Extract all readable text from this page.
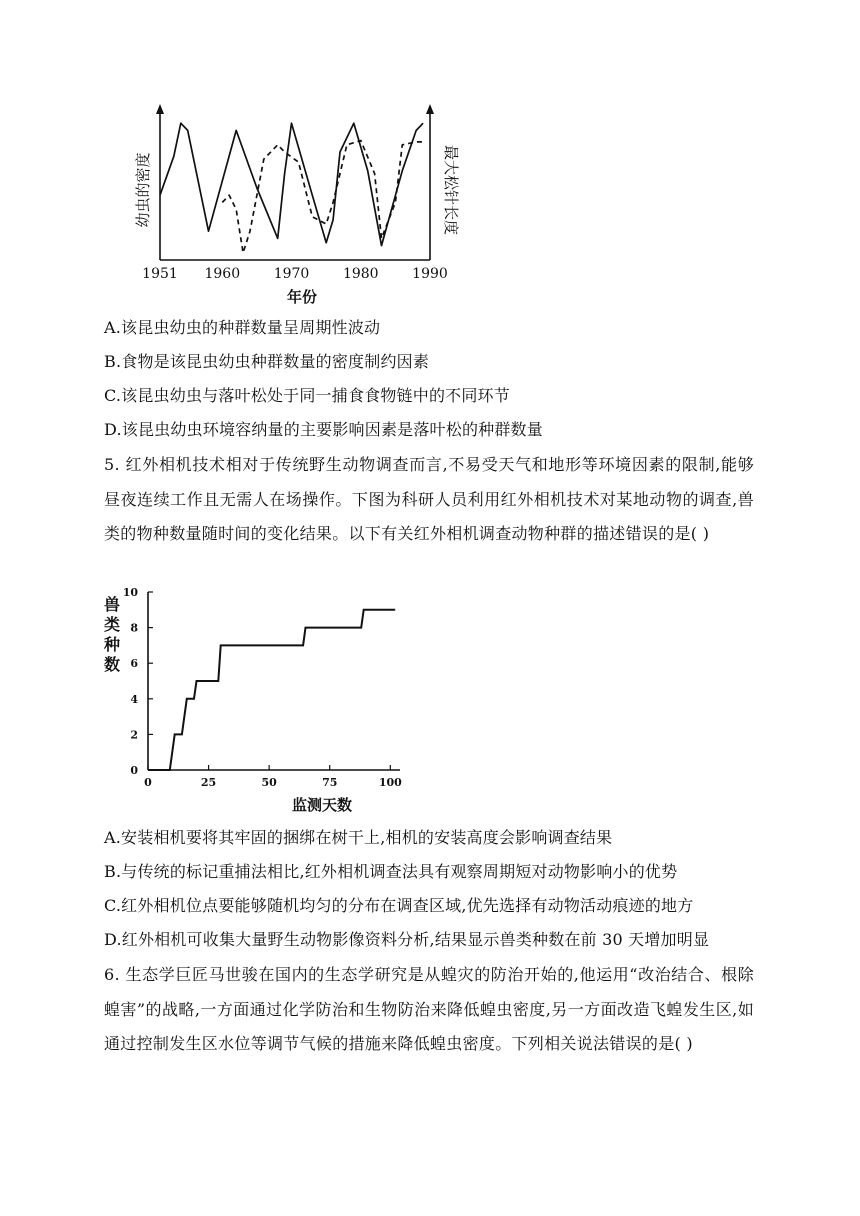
幼虫的密度	最大松针长度
1951 1960 1970 1980 1990
年份
A.该昆虫幼虫的种群数量呈周期性波动
B.食物是该昆虫幼虫种群数量的密度制约因素
C.该昆虫幼虫与落叶松处于同一捕食食物链中的不同环节
D.该昆虫幼虫环境容纳量的主要影响因素是落叶松的种群数量
5. 红外相机技术相对于传统野生动物调查而言,不易受天气和地形等环境因素的限制,能够昼夜连续工作且无需人在场操作。下图为科研人员利用红外相机技术对某地动物的调查,兽类的物种数量随时间的变化结果。以下有关红外相机调查动物种群的描述错误的是( )
兽
类
种
数
0
2
4
6
8
10
0	25	50	75	100
监测天数
A.安装相机要将其牢固的捆绑在树干上,相机的安装高度会影响调查结果
B.与传统的标记重捕法相比,红外相机调查法具有观察周期短对动物影响小的优势
C.红外相机位点要能够随机均匀的分布在调查区域,优先选择有动物活动痕迹的地方
D.红外相机可收集大量野生动物影像资料分析,结果显示兽类种数在前 30 天增加明显
6. 生态学巨匠马世骏在国内的生态学研究是从蝗灾的防治开始的,他运用“改治结合、根除蝗害”的战略,一方面通过化学防治和生物防治来降低蝗虫密度,另一方面改造飞蝗发生区,如通过控制发生区水位等调节气候的措施来降低蝗虫密度。下列相关说法错误的是( )
